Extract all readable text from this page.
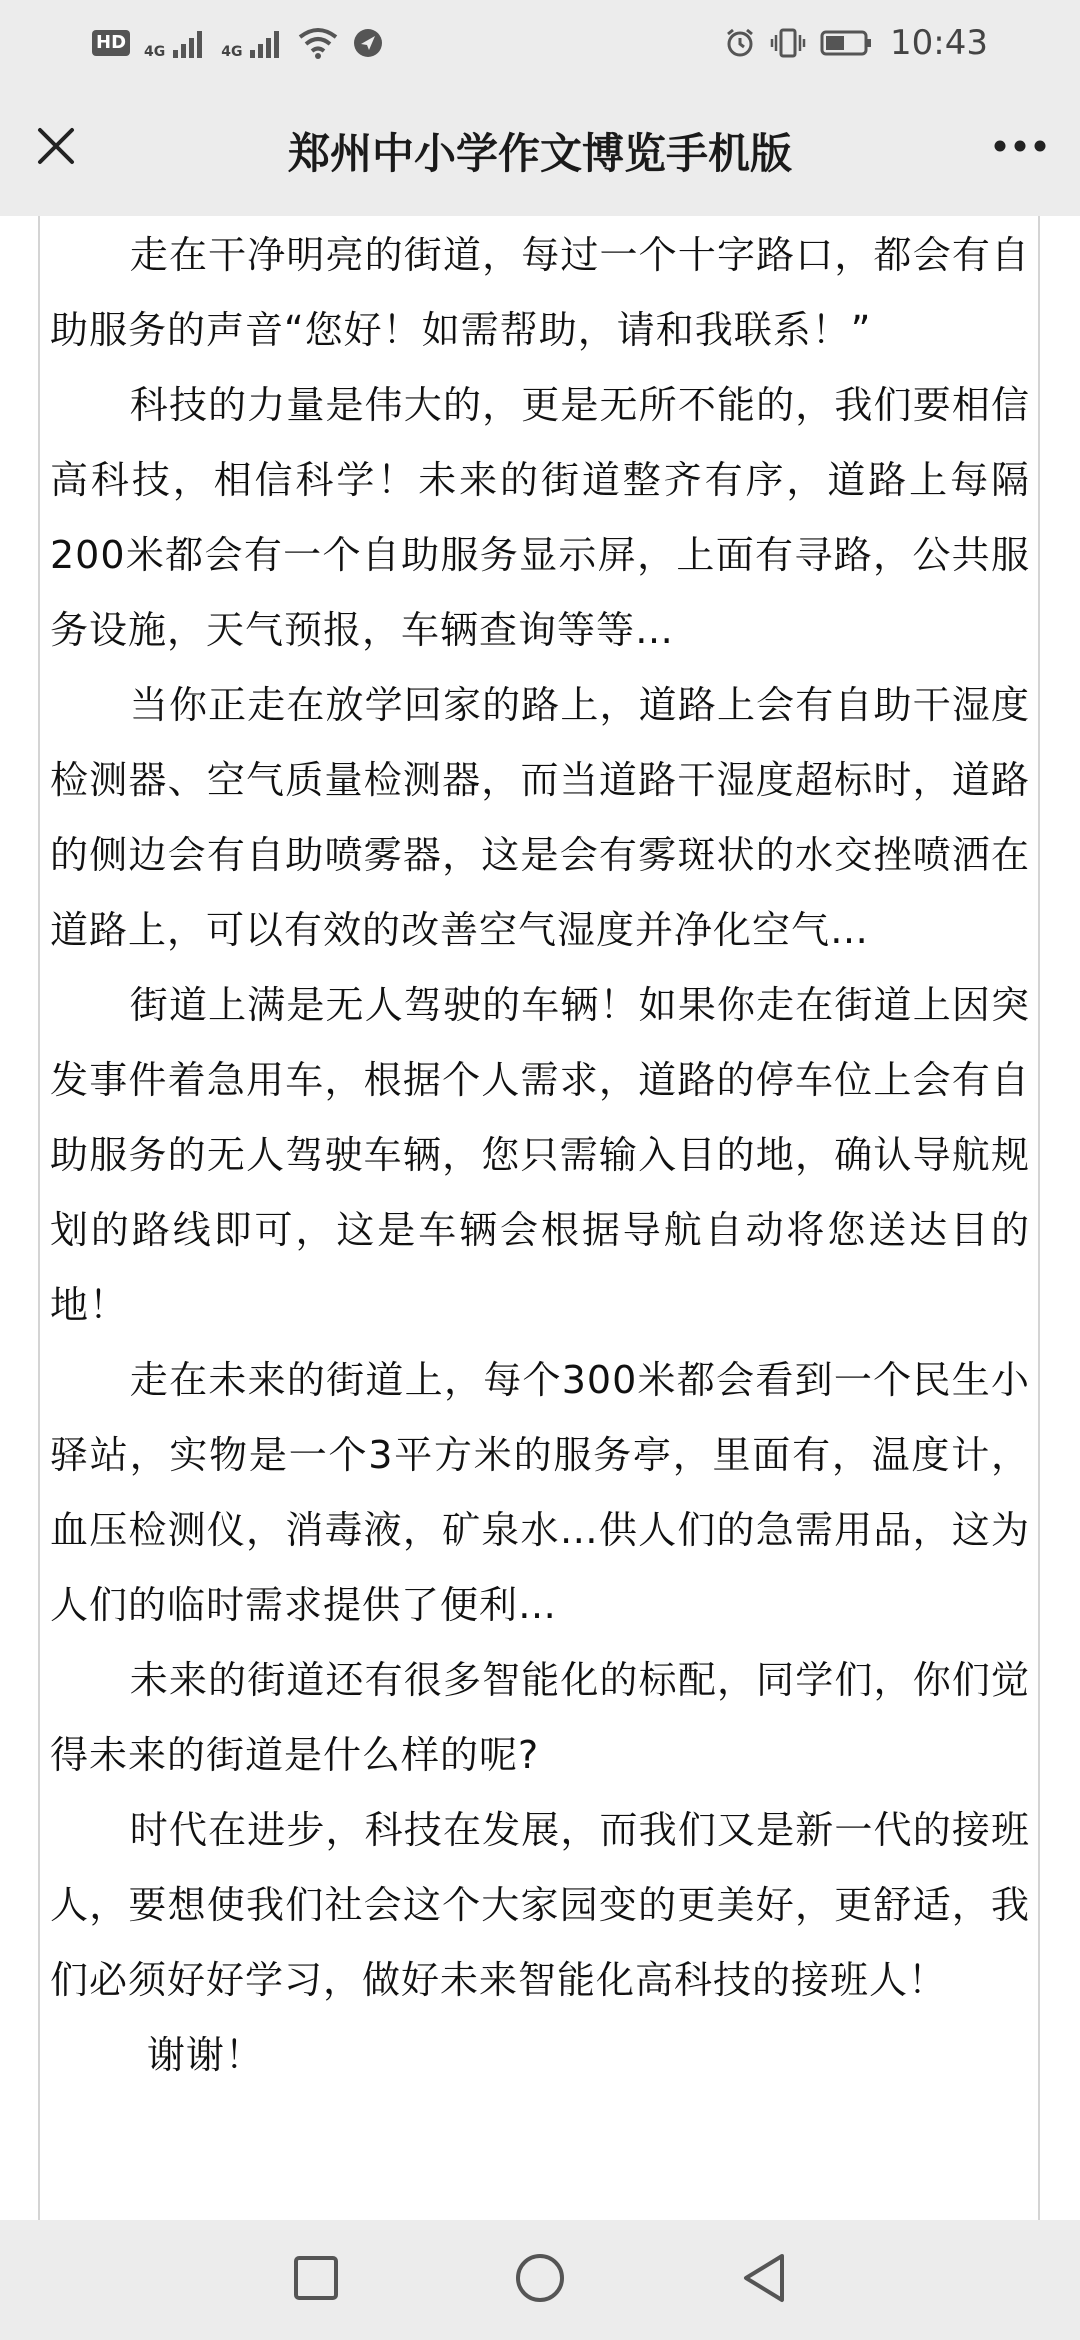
HD 4G	4G	10:43
郑州中小学作文博览手机版

走在干净明亮的街道，每过一个十字路口，都会有自助服务的声音“您好！如需帮助，请和我联系！”

科技的力量是伟大的，更是无所不能的，我们要相信高科技，相信科学！未来的街道整齐有序，道路上每隔200米都会有一个自助服务显示屏，上面有寻路，公共服务设施，天气预报，车辆查询等等…

当你正走在放学回家的路上，道路上会有自助干湿度检测器、空气质量检测器，而当道路干湿度超标时，道路的侧边会有自助喷雾器，这是会有雾斑状的水交挫喷洒在道路上，可以有效的改善空气湿度并净化空气…

街道上满是无人驾驶的车辆！如果你走在街道上因突发事件着急用车，根据个人需求，道路的停车位上会有自助服务的无人驾驶车辆，您只需输入目的地，确认导航规划的路线即可，这是车辆会根据导航自动将您送达目的地！

走在未来的街道上，每个300米都会看到一个民生小驿站，实物是一个3平方米的服务亭，里面有，温度计，血压检测仪，消毒液，矿泉水…供人们的急需用品，这为人们的临时需求提供了便利…

未来的街道还有很多智能化的标配，同学们，你们觉得未来的街道是什么样的呢?

时代在进步，科技在发展，而我们又是新一代的接班人，要想使我们社会这个大家园变的更美好，更舒适，我们必须好好学习，做好未来智能化高科技的接班人！

谢谢！
